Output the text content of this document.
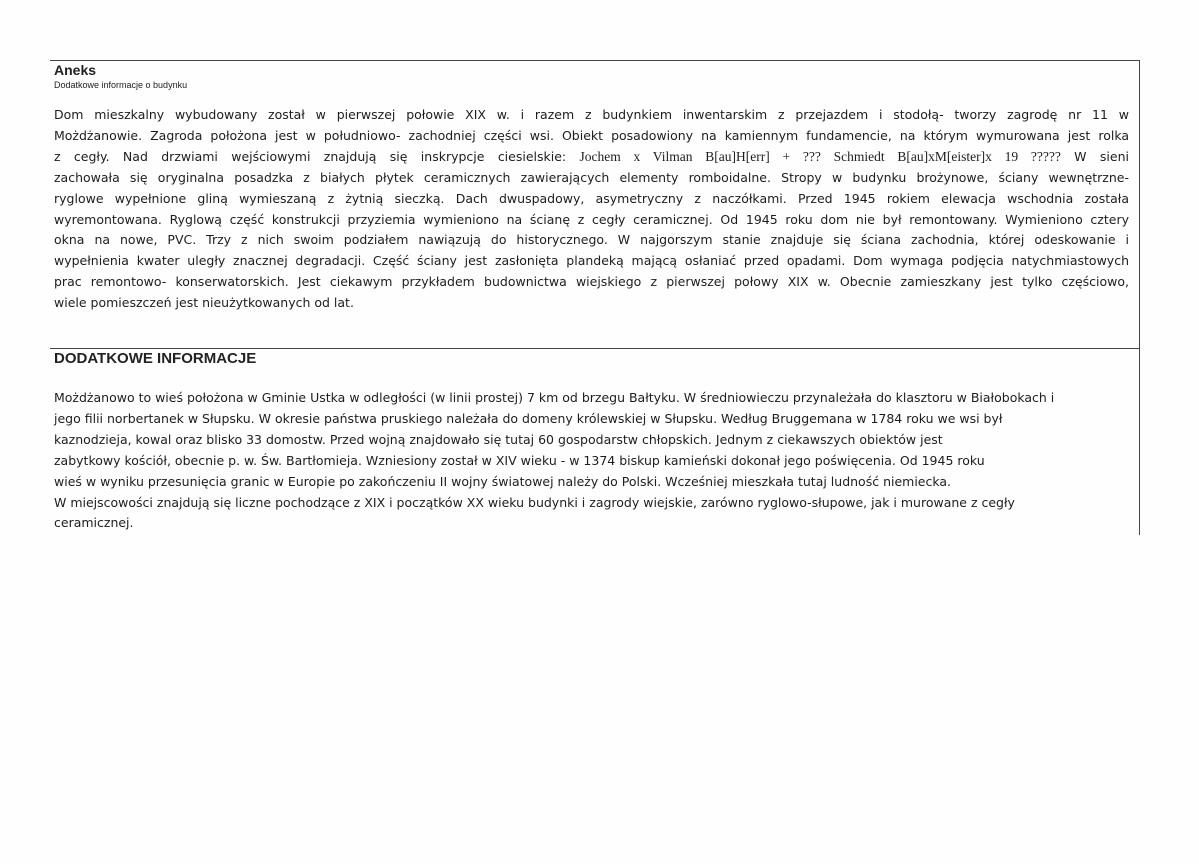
Aneks
Dodatkowe informacje o budynku
Dom mieszkalny wybudowany został w pierwszej połowie XIX w. i razem z budynkiem inwentarskim z przejazdem i stodołą- tworzy zagrodę nr 11 w
Możdżanowie. Zagroda położona jest w południowo- zachodniej części wsi. Obiekt posadowiony na kamiennym fundamencie, na którym wymurowana jest rolka
z cegły. Nad drzwiami wejściowymi znajdują się inskrypcje ciesielskie: Jochem x Vilman B[au]H[err] + ??? Schmiedt B[au]xM[eister]x 19 ????? W sieni
zachowała się oryginalna posadzka z białych płytek ceramicznych zawierających elementy romboidalne. Stropy w budynku brożynowe, ściany wewnętrzne-
ryglowe wypełnione gliną wymieszaną z żytnią sieczką. Dach dwuspadowy, asymetryczny z naczółkami. Przed 1945 rokiem elewacja wschodnia została
wyremontowana. Ryglową część konstrukcji przyziemia wymieniono na ścianę z cegły ceramicznej. Od 1945 roku dom nie był remontowany. Wymieniono cztery
okna na nowe, PVC. Trzy z nich swoim podziałem nawiązują do historycznego. W najgorszym stanie znajduje się ściana zachodnia, której odeskowanie i
wypełnienia kwater uległy znacznej degradacji. Część ściany jest zasłonięta plandeką mającą osłaniać przed opadami. Dom wymaga podjęcia natychmiastowych
prac remontowo- konserwatorskich. Jest ciekawym przykładem budownictwa wiejskiego z pierwszej połowy XIX w. Obecnie zamieszkany jest tylko częściowo,
wiele pomieszczeń jest nieużytkowanych od lat.
DODATKOWE INFORMACJE
Możdżanowo to wieś położona w Gminie Ustka w odległości (w linii prostej) 7 km od brzegu Bałtyku. W średniowieczu przynależała do klasztoru w Białobokach i
jego filii norbertanek w Słupsku. W okresie państwa pruskiego należała do domeny królewskiej w Słupsku. Według Bruggemana w 1784 roku we wsi był
kaznodzieja, kowal oraz blisko 33 domostw. Przed wojną znajdowało się tutaj 60 gospodarstw chłopskich. Jednym z ciekawszych obiektów jest
zabytkowy kościół, obecnie p. w. Św. Bartłomieja. Wzniesiony został w XIV wieku - w 1374 biskup kamieński dokonał jego poświęcenia. Od 1945 roku
wieś w wyniku przesunięcia granic w Europie po zakończeniu II wojny światowej należy do Polski. Wcześniej mieszkała tutaj ludność niemiecka.
W miejscowości znajdują się liczne pochodzące z XIX i początków XX wieku budynki i zagrody wiejskie, zarówno ryglowo-słupowe, jak i murowane z cegły
ceramicznej.
